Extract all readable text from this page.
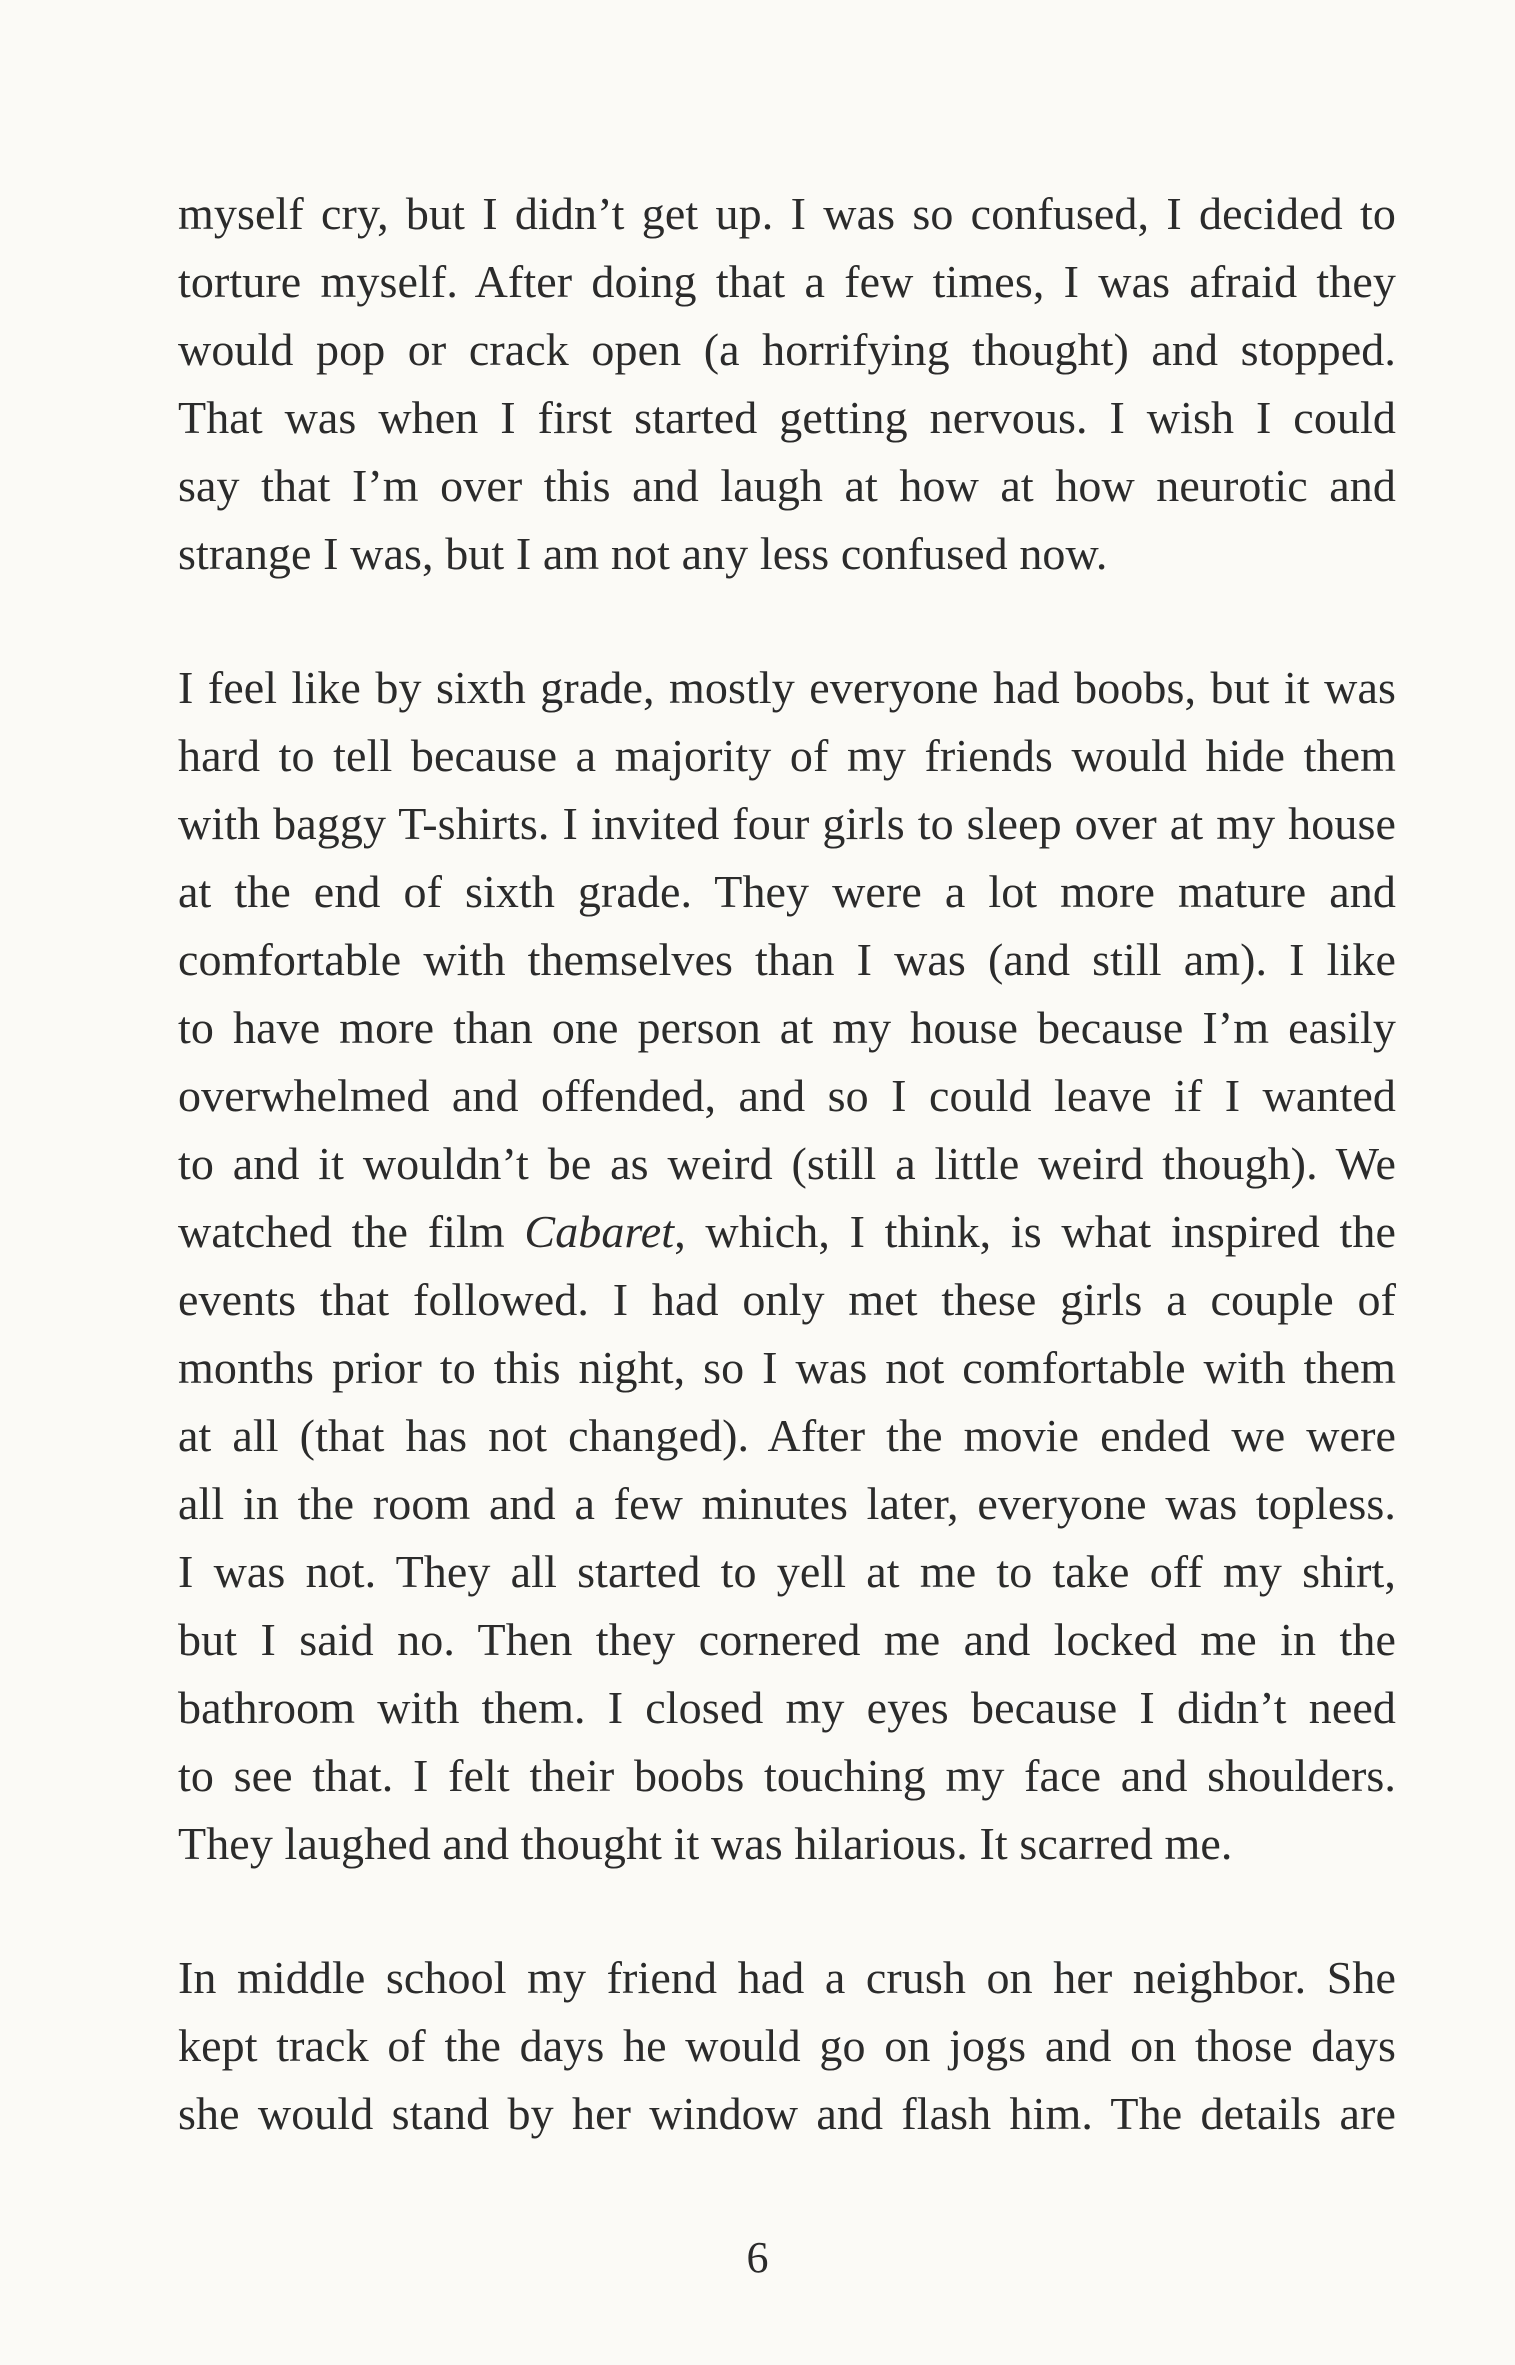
myself cry, but I didn’t get up. I was so confused, I decided to
torture myself. After doing that a few times, I was afraid they
would pop or crack open (a horrifying thought) and stopped.
That was when I first started getting nervous. I wish I could
say that I’m over this and laugh at how at how neurotic and
strange I was, but I am not any less confused now.
I feel like by sixth grade, mostly everyone had boobs, but it was
hard to tell because a majority of my friends would hide them
with baggy T-shirts. I invited four girls to sleep over at my house
at the end of sixth grade. They were a lot more mature and
comfortable with themselves than I was (and still am). I like
to have more than one person at my house because I’m easily
overwhelmed and offended, and so I could leave if I wanted
to and it wouldn’t be as weird (still a little weird though). We
watched the film Cabaret, which, I think, is what inspired the
events that followed. I had only met these girls a couple of
months prior to this night, so I was not comfortable with them
at all (that has not changed). After the movie ended we were
all in the room and a few minutes later, everyone was topless.
I was not. They all started to yell at me to take off my shirt,
but I said no. Then they cornered me and locked me in the
bathroom with them. I closed my eyes because I didn’t need
to see that. I felt their boobs touching my face and shoulders.
They laughed and thought it was hilarious. It scarred me.
In middle school my friend had a crush on her neighbor. She
kept track of the days he would go on jogs and on those days
she would stand by her window and flash him. The details are
6
